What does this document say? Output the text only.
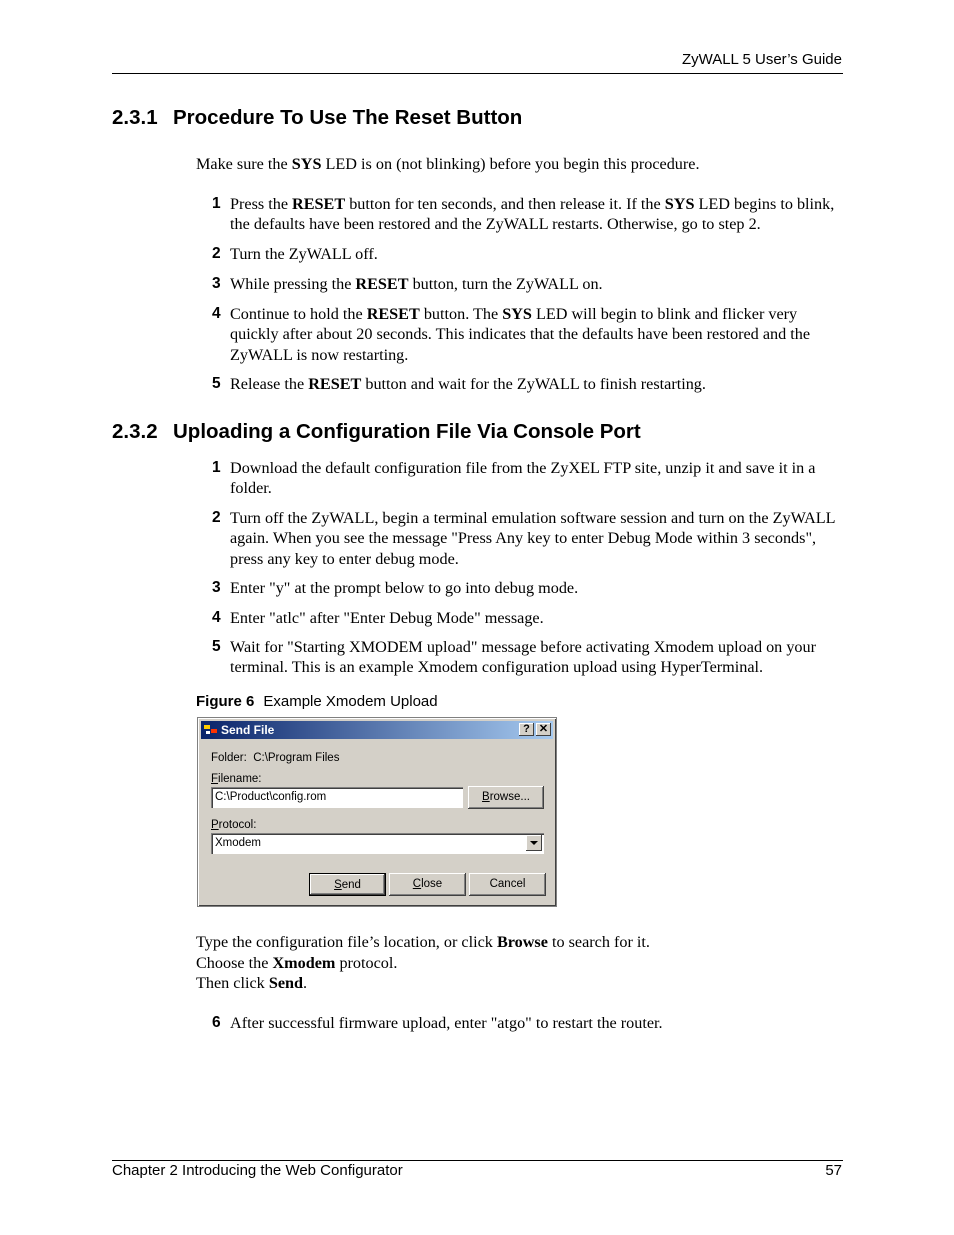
ZyWALL 5 User’s Guide
2.3.1 Procedure To Use The Reset Button

Make sure the SYS LED is on (not blinking) before you begin this procedure.

1 Press the RESET button for ten seconds, and then release it. If the SYS LED begins to blink, the defaults have been restored and the ZyWALL restarts. Otherwise, go to step 2.
2 Turn the ZyWALL off.
3 While pressing the RESET button, turn the ZyWALL on.
4 Continue to hold the RESET button. The SYS LED will begin to blink and flicker very quickly after about 20 seconds. This indicates that the defaults have been restored and the ZyWALL is now restarting.
5 Release the RESET button and wait for the ZyWALL to finish restarting.
2.3.2 Uploading a Configuration File Via Console Port
1 Download the default configuration file from the ZyXEL FTP site, unzip it and save it in a folder.
2 Turn off the ZyWALL, begin a terminal emulation software session and turn on the ZyWALL again. When you see the message "Press Any key to enter Debug Mode within 3 seconds", press any key to enter debug mode.
3 Enter "y" at the prompt below to go into debug mode.
4 Enter "atlc" after "Enter Debug Mode" message.
5 Wait for "Starting XMODEM upload" message before activating Xmodem upload on your terminal. This is an example Xmodem configuration upload using HyperTerminal.
Figure 6 Example Xmodem Upload
Send File	? ✕
Folder: C:\Program Files
Filename:
C:\Product\config.rom	Browse...
Protocol:
Xmodem
Send	Close	Cancel

Type the configuration file’s location, or click Browse to search for it.

Choose the Xmodem protocol.

Then click Send.

6 After successful firmware upload, enter "atgo" to restart the router.
Chapter 2 Introducing the Web Configurator	57
